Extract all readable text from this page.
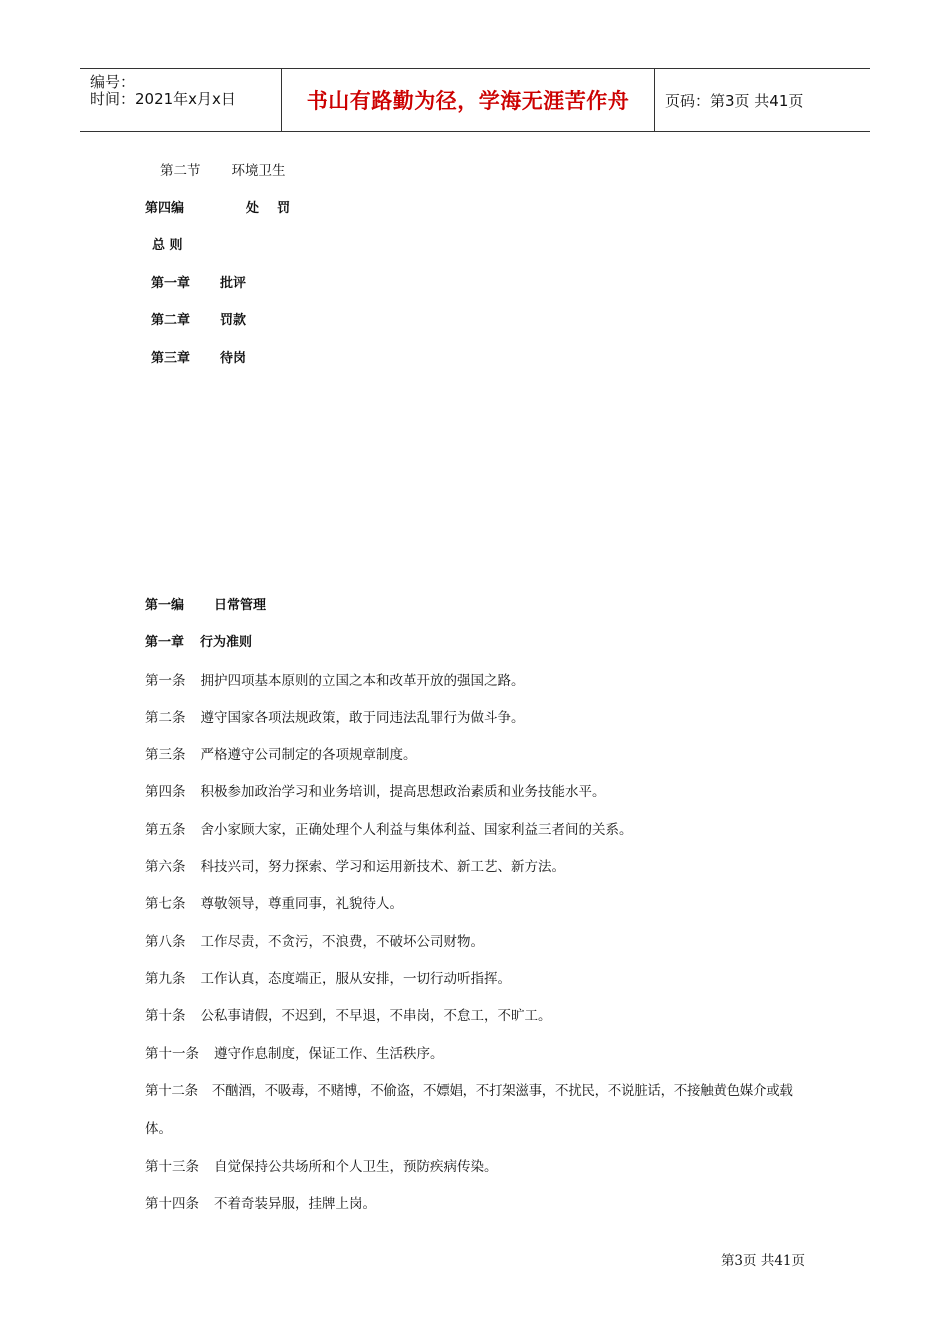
编号：
时间：2021年x月x日	书山有路勤为径，学海无涯苦作舟	页码：第3页 共41页
第二节 环境卫生
第四编	处    罚
总 则
第一章 批评
第二章 罚款
第三章 待岗
第一编 日常管理
第一章 行为准则
第一条 拥护四项基本原则的立国之本和改革开放的强国之路。
第二条 遵守国家各项法规政策，敢于同违法乱罪行为做斗争。
第三条 严格遵守公司制定的各项规章制度。
第四条 积极参加政治学习和业务培训，提高思想政治素质和业务技能水平。
第五条 舍小家顾大家，正确处理个人利益与集体利益、国家利益三者间的关系。
第六条 科技兴司，努力探索、学习和运用新技术、新工艺、新方法。
第七条 尊敬领导，尊重同事，礼貌待人。
第八条 工作尽责，不贪污，不浪费，不破坏公司财物。
第九条 工作认真，态度端正，服从安排，一切行动听指挥。
第十条 公私事请假，不迟到，不早退，不串岗，不怠工，不旷工。
第十一条 遵守作息制度，保证工作、生活秩序。
第十二条 不酗酒，不吸毒，不赌博，不偷盗，不嫖娼，不打架滋事，不扰民，不说脏话，不接触黄色媒介或载
体。
第十三条 自觉保持公共场所和个人卫生，预防疾病传染。
第十四条 不着奇装异服，挂牌上岗。
第3页 共41页
